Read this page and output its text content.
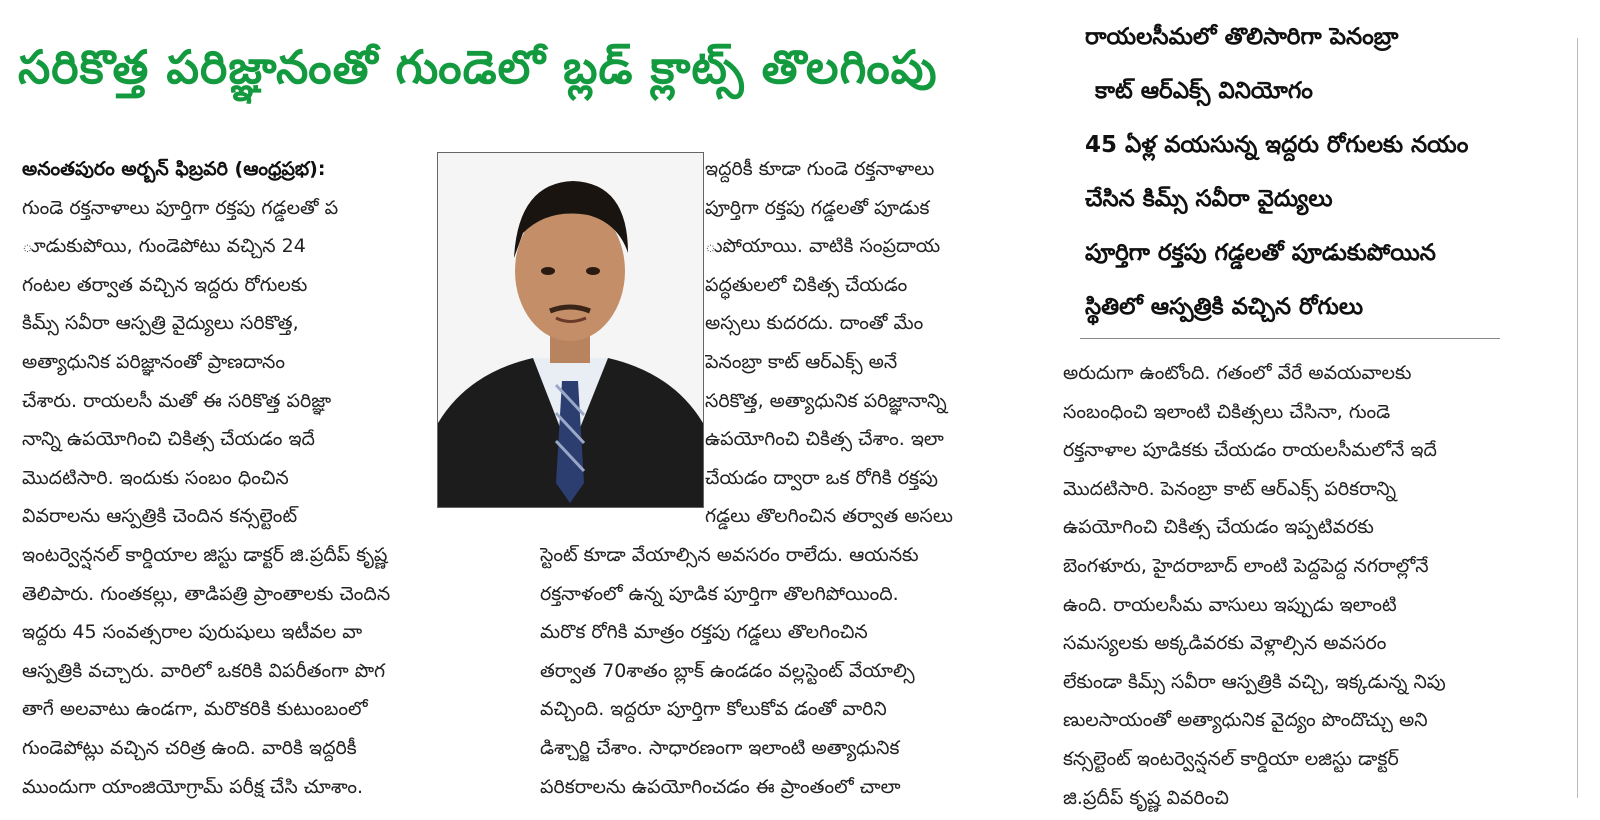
సరికొత్త పరిజ్ఞానంతో గుండెలో బ్లడ్ క్లాట్స్ తొలగింపు
రాయలసీమలో తొలిసారిగా పెనంబ్రా
కాట్ ఆర్ఎక్స్ వినియోగం
45 ఏళ్ల వయసున్న ఇద్దరు రోగులకు నయం
చేసిన కిమ్స్ సవీరా వైద్యులు
పూర్తిగా రక్తపు గడ్డలతో పూడుకుపోయిన
స్థితిలో ఆస్పత్రికి వచ్చిన రోగులు
అనంతపురం అర్బన్ ఫిబ్రవరి (ఆంధ్రప్రభ):
గుండె రక్తనాళాలు పూర్తిగా రక్తపు గడ్డలతో ప
ూడుకుపోయి, గుండెపోటు వచ్చిన 24
గంటల తర్వాత వచ్చిన ఇద్దరు రోగులకు
కిమ్స్ సవీరా ఆస్పత్రి వైద్యులు సరికొత్త,
అత్యాధునిక పరిజ్ఞానంతో ప్రాణదానం
చేశారు. రాయలసీ మతో ఈ సరికొత్త పరిజ్ఞా
నాన్ని ఉపయోగించి చికిత్స చేయడం ఇదే
మొదటిసారి. ఇందుకు సంబం ధించిన
వివరాలను ఆస్పత్రికి చెందిన కన్సల్టెంట్
ఇంటర్వెన్షనల్ కార్డియాల జిస్టు డాక్టర్ జి.ప్రదీప్ కృష్ణ
తెలిపారు. గుంతకల్లు, తాడిపత్రి ప్రాంతాలకు చెందిన
ఇద్దరు 45 సంవత్సరాల పురుషులు ఇటీవల వా
ఆస్పత్రికి వచ్చారు. వారిలో ఒకరికి విపరీతంగా పొగ
తాగే అలవాటు ఉండగా, మరొకరికి కుటుంబంలో
గుండెపోట్లు వచ్చిన చరిత్ర ఉంది. వారికి ఇద్దరికీ
ముందుగా యాంజియోగ్రామ్ పరీక్ష చేసి చూశాం.
ఇద్దరికీ కూడా గుండె రక్తనాళాలు
పూర్తిగా రక్తపు గడ్డలతో పూడుక
ుపోయాయి. వాటికి సంప్రదాయ
పద్ధతులలో చికిత్స చేయడం
అస్సలు కుదరదు. దాంతో మేం
పెనంబ్రా కాట్ ఆర్ఎక్స్ అనే
సరికొత్త, అత్యాధునిక పరిజ్ఞానాన్ని
ఉపయోగించి చికిత్స చేశాం. ఇలా
చేయడం ద్వారా ఒక రోగికి రక్తపు
గడ్డలు తొలగించిన తర్వాత అసలు
స్టెంట్ కూడా వేయాల్సిన అవసరం రాలేదు. ఆయనకు
రక్తనాళంలో ఉన్న పూడిక పూర్తిగా తొలగిపోయింది.
మరొక రోగికి మాత్రం రక్తపు గడ్డలు తొలగించిన
తర్వాత 70శాతం బ్లాక్ ఉండడం వల్లస్టెంట్ వేయాల్సి
వచ్చింది. ఇద్దరూ పూర్తిగా కోలుకోవ డంతో వారిని
డిశ్చార్జి చేశాం. సాధారణంగా ఇలాంటి అత్యాధునిక
పరికరాలను ఉపయోగించడం ఈ ప్రాంతంలో చాలా
అరుదుగా ఉంటోంది. గతంలో వేరే అవయవాలకు
సంబంధించి ఇలాంటి చికిత్సలు చేసినా, గుండె
రక్తనాళాల పూడికకు చేయడం రాయలసీమలోనే ఇదే
మొదటిసారి. పెనంబ్రా కాట్ ఆర్ఎక్స్ పరికరాన్ని
ఉపయోగించి చికిత్స చేయడం ఇప్పటివరకు
బెంగళూరు, హైదరాబాద్ లాంటి పెద్దపెద్ద నగరాల్లోనే
ఉంది. రాయలసీమ వాసులు ఇప్పుడు ఇలాంటి
సమస్యలకు అక్కడివరకు వెళ్లాల్సిన అవసరం
లేకుండా కిమ్స్ సవీరా ఆస్పత్రికి వచ్చి, ఇక్కడున్న నిపు
ణులసాయంతో అత్యాధునిక వైద్యం పొందొచ్చు అని
కన్సల్టెంట్ ఇంటర్వెన్షనల్ కార్డియా లజిస్టు డాక్టర్
జి.ప్రదీప్ కృష్ణ వివరించి
